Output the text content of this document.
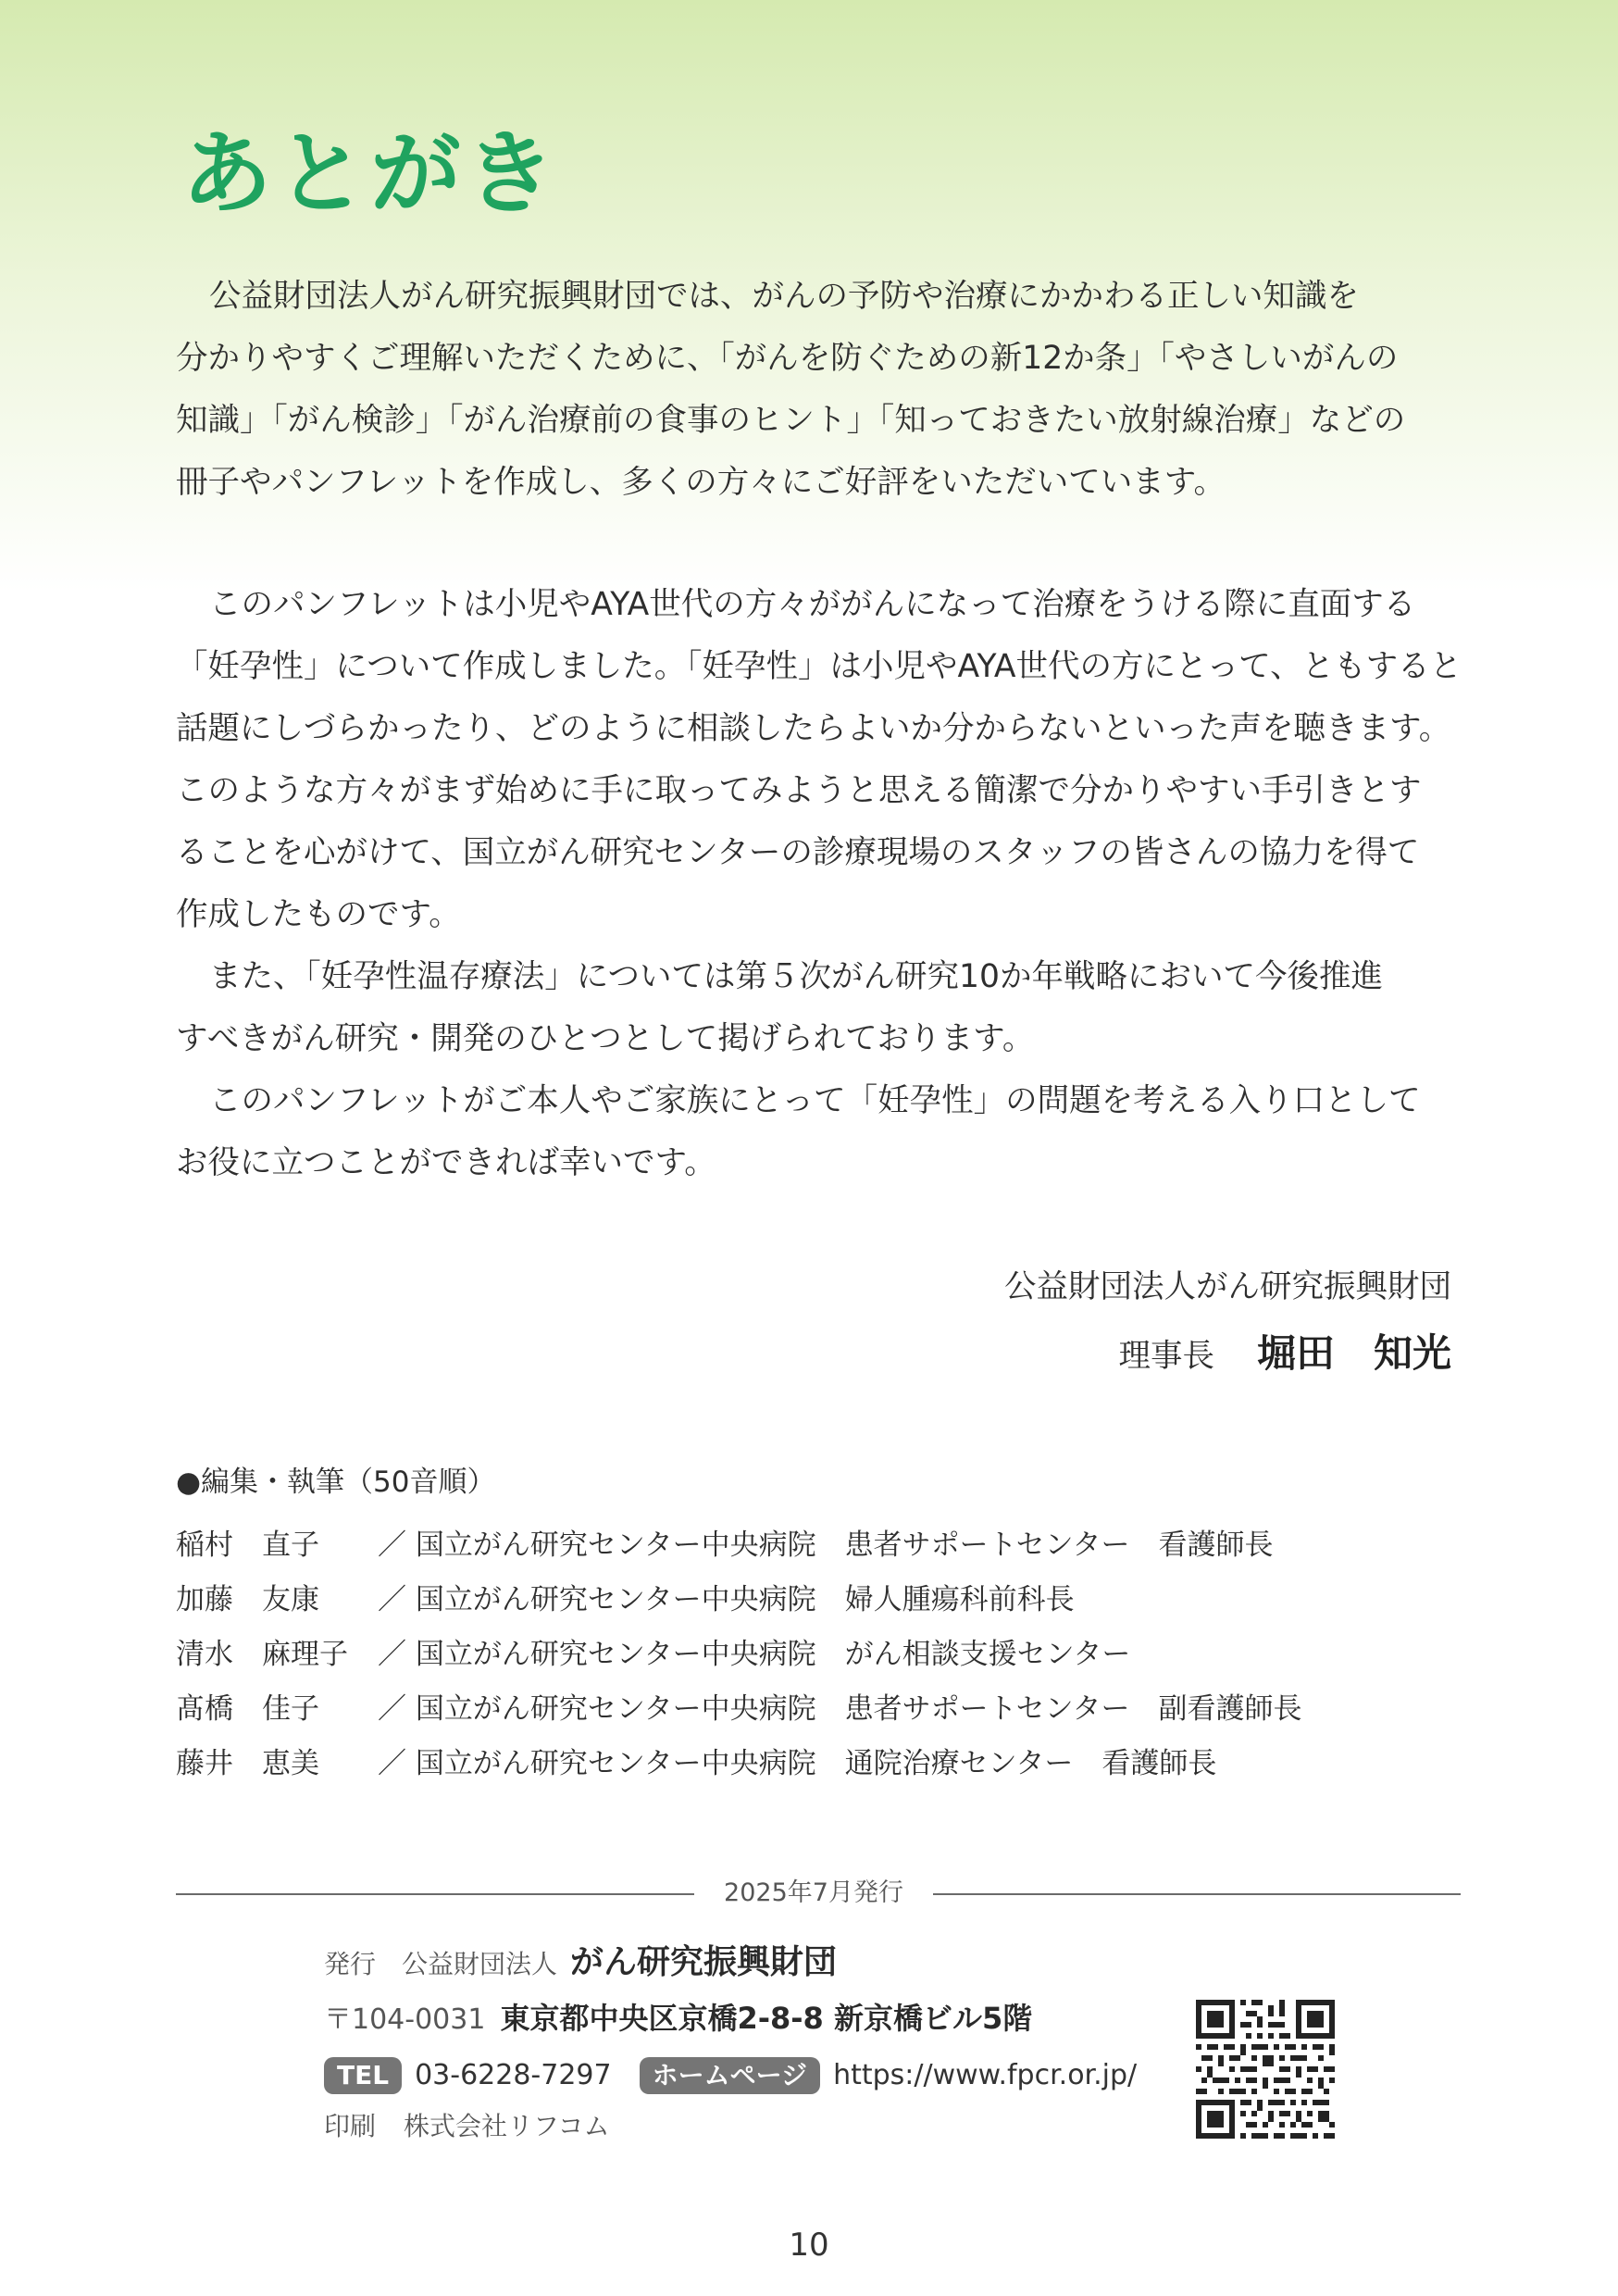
あとがき

公益財団法人がん研究振興財団では、がんの予防や治療にかかわる正しい知識を

分かりやすくご理解いただくために、「がんを防ぐための新12か条」「やさしいがんの

知識」「がん検診」「がん治療前の食事のヒント」「知っておきたい放射線治療」などの

冊子やパンフレットを作成し、多くの方々にご好評をいただいています。

このパンフレットは小児やAYA世代の方々ががんになって治療をうける際に直面する

「妊孕性」について作成しました。「妊孕性」は小児やAYA世代の方にとって、ともすると

話題にしづらかったり、どのように相談したらよいか分からないといった声を聴きます。

このような方々がまず始めに手に取ってみようと思える簡潔で分かりやすい手引きとす

ることを心がけて、国立がん研究センターの診療現場のスタッフの皆さんの協力を得て

作成したものです。

また、「妊孕性温存療法」については第５次がん研究10か年戦略において今後推進

すべきがん研究・開発のひとつとして掲げられております。

このパンフレットがご本人やご家族にとって「妊孕性」の問題を考える入り口として

お役に立つことができれば幸いです。

公益財団法人がん研究振興財団
理事長 堀田　知光
●編集・執筆（50音順）
稲村　直子	／ 国立がん研究センター中央病院　患者サポートセンター　看護師長
加藤　友康	／ 国立がん研究センター中央病院　婦人腫瘍科前科長
清水　麻理子	／ 国立がん研究センター中央病院　がん相談支援センター
髙橋　佳子	／ 国立がん研究センター中央病院　患者サポートセンター　副看護師長
藤井　恵美	／ 国立がん研究センター中央病院　通院治療センター　看護師長
2025年7月発行
発行 公益財団法人 がん研究振興財団
〒104-0031 東京都中央区京橋2-8-8 新京橋ビル5階
TEL 03-6228-7297	ホームページ https://www.fpcr.or.jp/
印刷 株式会社リフコム
10
